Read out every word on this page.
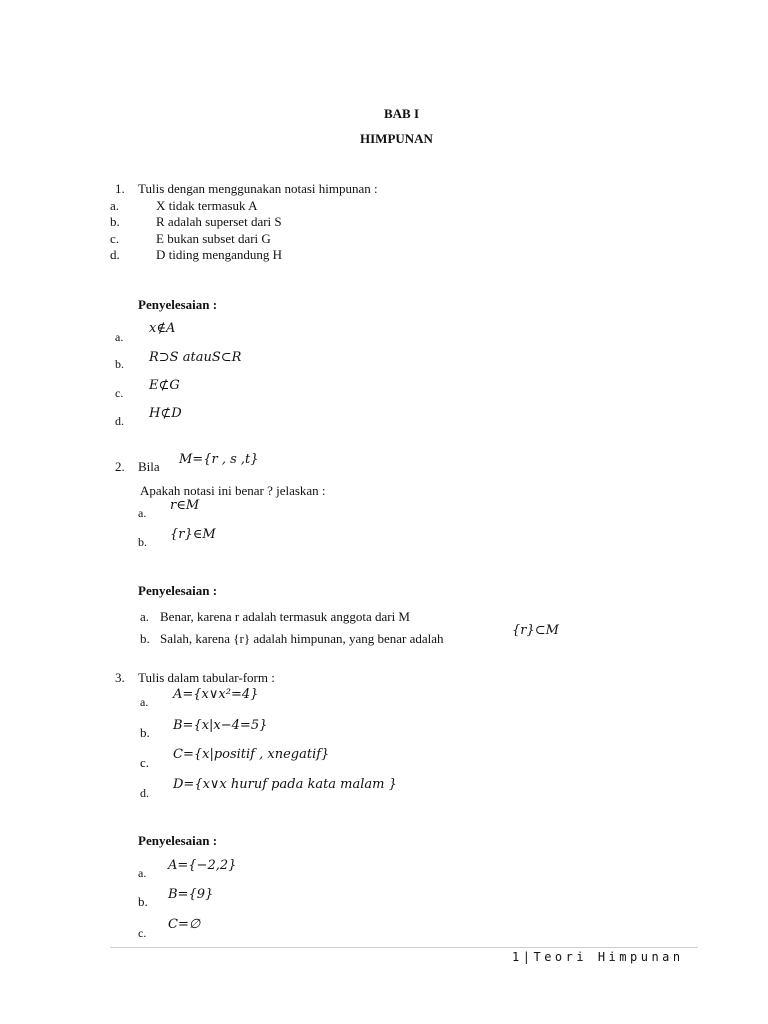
BAB I
HIMPUNAN
1. Tulis dengan menggunakan notasi himpunan :
a.	X tidak termasuk A
b.	R adalah superset dari S
c.	E bukan subset dari G
d.	D tiding mengandung H
Penyelesaian :
a.
x∉A
b. R⊃S atauS⊂R
c. E⊄G
d. H⊄D
2. Bila M={r , s ,t}
Apakah notasi ini benar ? jelaskan :
a. r∈M
b. {r}∈M
Penyelesaian :
a. Benar, karena r adalah termasuk anggota dari M
b. Salah, karena {r} adalah himpunan, yang benar adalah
{r}⊂M
3. Tulis dalam tabular-form :
a. A={x∨x²=4}
b. B={x|x−4=5}
c.
C={x|positif , xnegatif}
d.
D={x∨x huruf pada kata malam }
Penyelesaian :
a. A={−2,2}
b. B={9}
c.
C=∅
1|Teori Himpunan
